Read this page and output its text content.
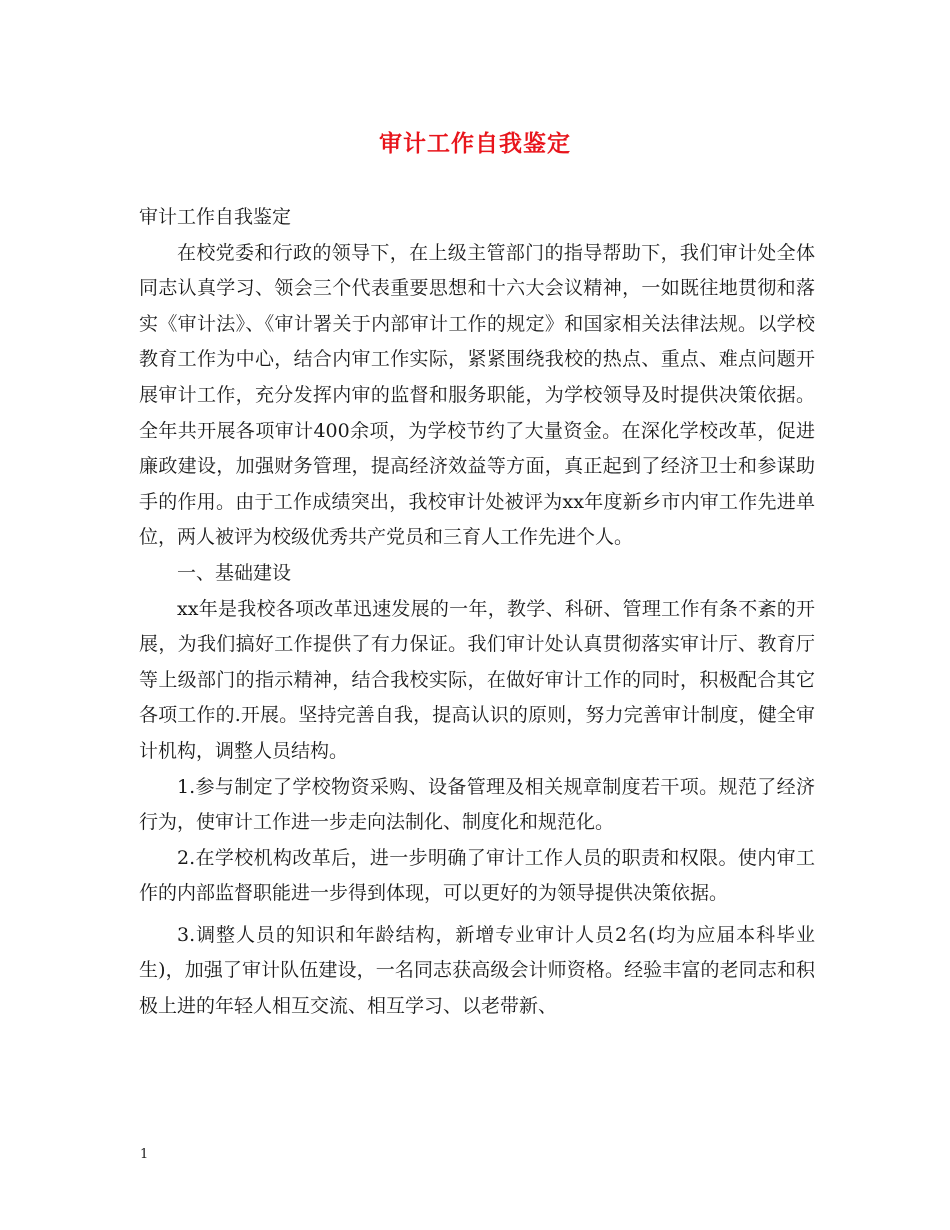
审计工作自我鉴定

审计工作自我鉴定

在校党委和行政的领导下，在上级主管部门的指导帮助下，我们审计处全体同志认真学习、领会三个代表重要思想和十六大会议精神，一如既往地贯彻和落实《审计法》、《审计署关于内部审计工作的规定》和国家相关法律法规。以学校教育工作为中心，结合内审工作实际，紧紧围绕我校的热点、重点、难点问题开展审计工作，充分发挥内审的监督和服务职能，为学校领导及时提供决策依据。全年共开展各项审计400余项，为学校节约了大量资金。在深化学校改革，促进廉政建设，加强财务管理，提高经济效益等方面，真正起到了经济卫士和参谋助手的作用。由于工作成绩突出，我校审计处被评为xx年度新乡市内审工作先进单位，两人被评为校级优秀共产党员和三育人工作先进个人。

一、基础建设

xx年是我校各项改革迅速发展的一年，教学、科研、管理工作有条不紊的开展，为我们搞好工作提供了有力保证。我们审计处认真贯彻落实审计厅、教育厅等上级部门的指示精神，结合我校实际，在做好审计工作的同时，积极配合其它各项工作的.开展。坚持完善自我，提高认识的原则，努力完善审计制度，健全审计机构，调整人员结构。

1.参与制定了学校物资采购、设备管理及相关规章制度若干项。规范了经济行为，使审计工作进一步走向法制化、制度化和规范化。

2.在学校机构改革后，进一步明确了审计工作人员的职责和权限。使内审工作的内部监督职能进一步得到体现，可以更好的为领导提供决策依据。

3.调整人员的知识和年龄结构，新增专业审计人员2名(均为应届本科毕业生)，加强了审计队伍建设，一名同志获高级会计师资格。经验丰富的老同志和积极上进的年轻人相互交流、相互学习、以老带新、

1
